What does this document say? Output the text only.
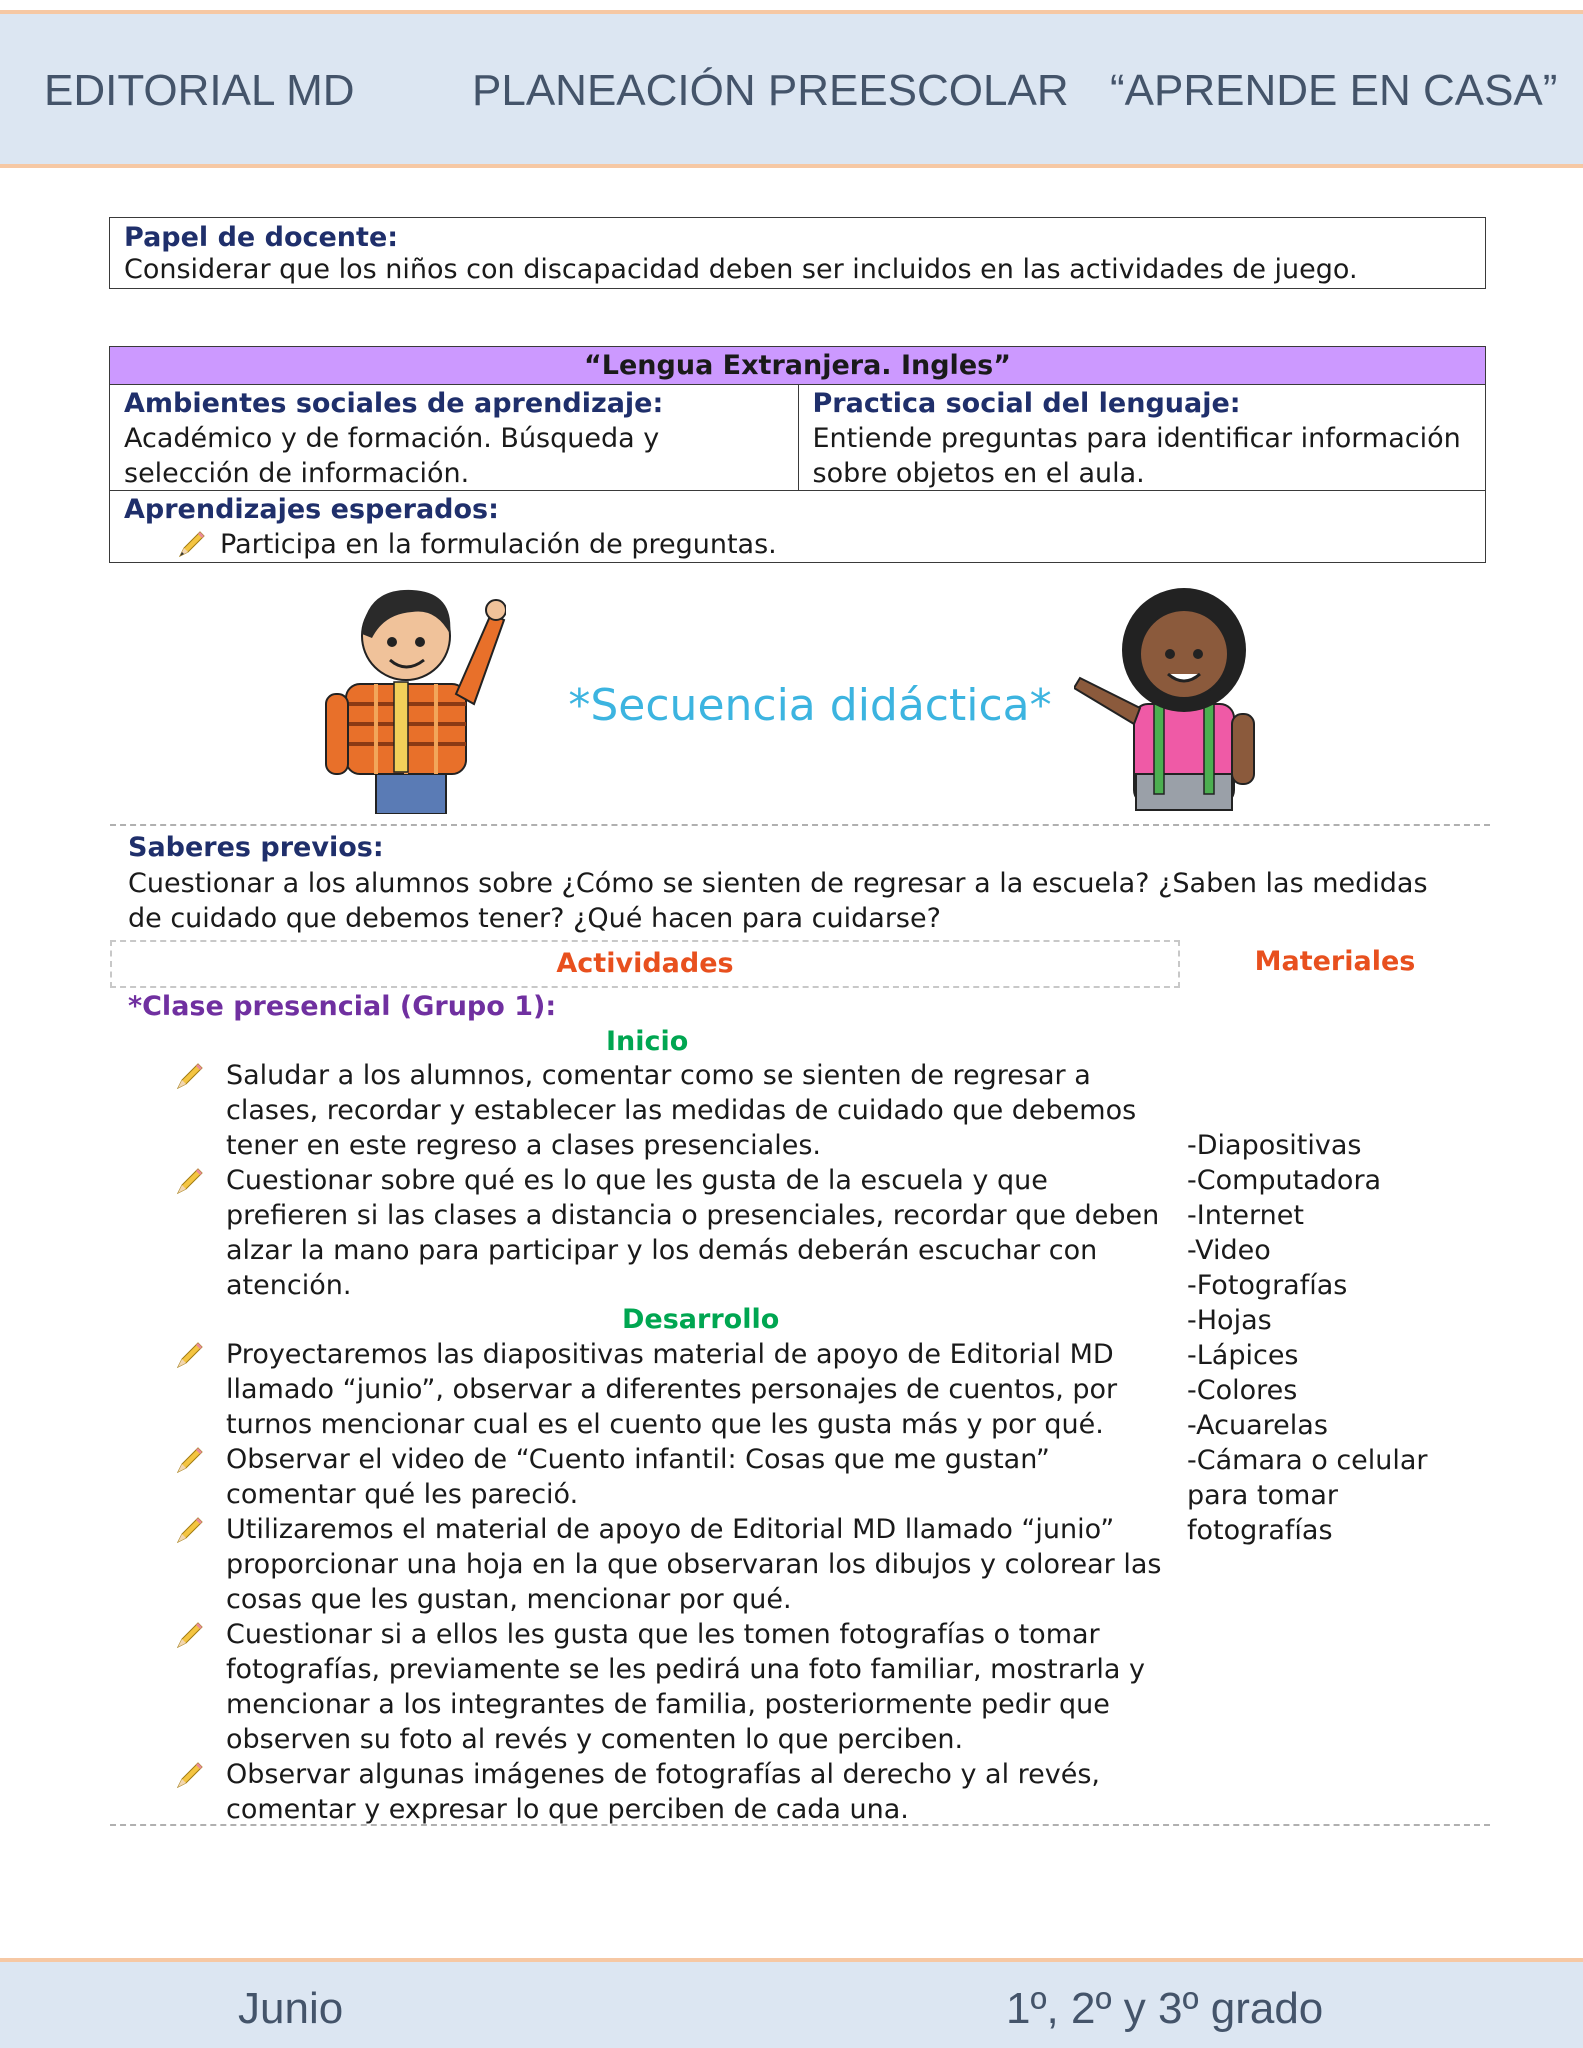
EDITORIAL MD	PLANEACIÓN PREESCOLAR “APRENDE EN CASA”
Papel de docente:
Considerar que los niños con discapacidad deben ser incluidos en las actividades de juego.
“Lengua Extranjera. Ingles”
Ambientes sociales de aprendizaje:
Académico y de formación. Búsqueda y selección de información.
Practica social del lenguaje:
Entiende preguntas para identificar información sobre objetos en el aula.
Aprendizajes esperados:
Participa en la formulación de preguntas.
*Secuencia didáctica*
Saberes previos:
Cuestionar a los alumnos sobre ¿Cómo se sienten de regresar a la escuela? ¿Saben las medidas de cuidado que debemos tener? ¿Qué hacen para cuidarse?
Actividades	Materiales
*Clase presencial (Grupo 1):
Inicio
Saludar a los alumnos, comentar como se sienten de regresar a clases, recordar y establecer las medidas de cuidado que debemos tener en este regreso a clases presenciales.
Cuestionar sobre qué es lo que les gusta de la escuela y que prefieren si las clases a distancia o presenciales, recordar que deben alzar la mano para participar y los demás deberán escuchar con atención.
Desarrollo
Proyectaremos las diapositivas material de apoyo de Editorial MD llamado “junio”, observar a diferentes personajes de cuentos, por turnos mencionar cual es el cuento que les gusta más y por qué.
Observar el video de “Cuento infantil: Cosas que me gustan” comentar qué les pareció.
Utilizaremos el material de apoyo de Editorial MD llamado “junio” proporcionar una hoja en la que observaran los dibujos y colorear las cosas que les gustan, mencionar por qué.
Cuestionar si a ellos les gusta que les tomen fotografías o tomar fotografías, previamente se les pedirá una foto familiar, mostrarla y mencionar a los integrantes de familia, posteriormente pedir que observen su foto al revés y comenten lo que perciben.
Observar algunas imágenes de fotografías al derecho y al revés, comentar y expresar lo que perciben de cada una.
-Diapositivas
-Computadora
-Internet
-Video
-Fotografías
-Hojas
-Lápices
-Colores
-Acuarelas
-Cámara o celular
para tomar
fotografías
Junio	1º, 2º y 3º grado
